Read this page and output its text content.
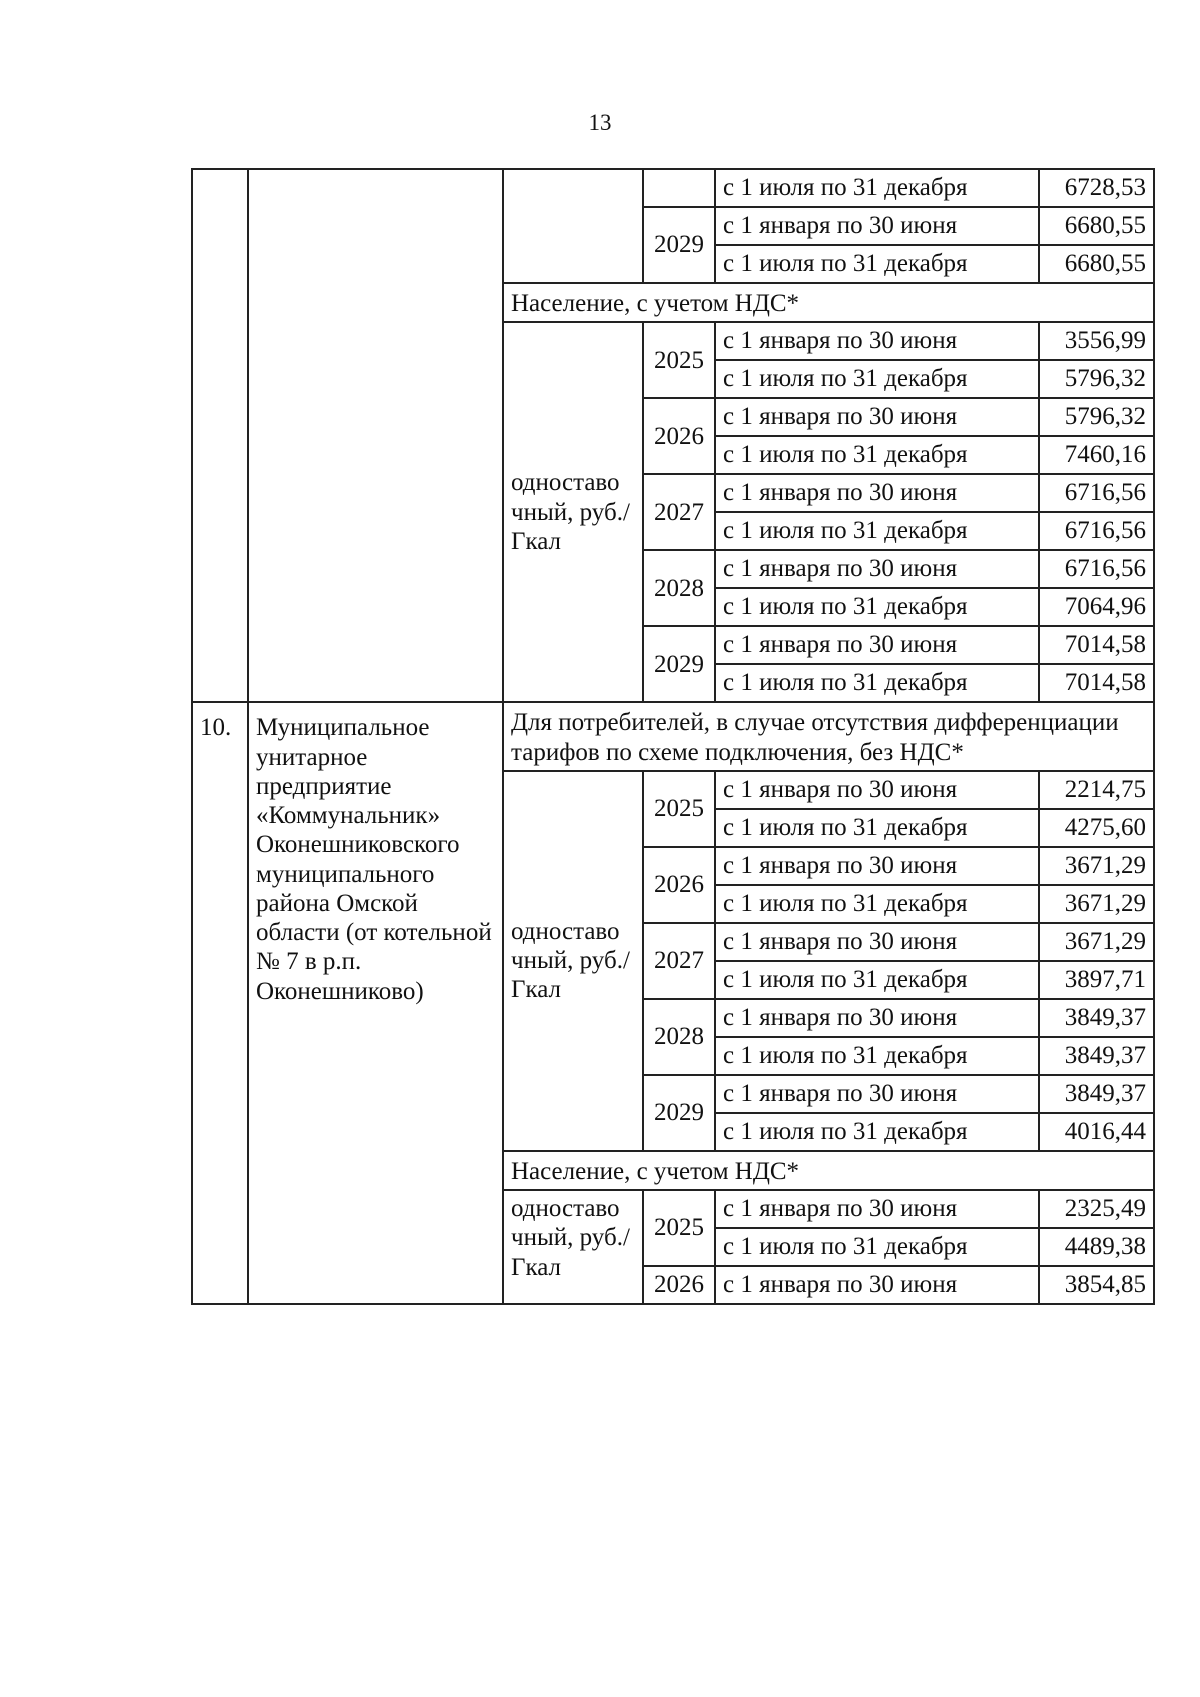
13
				с 1 июля по 31 декабря	6728,53
			2029	с 1 января по 30 июня	6680,55
				с 1 июля по 31 декабря	6680,55
		Население, с учетом НДС*			
		одноставо чный, руб./Гкал	2025	с 1 января по 30 июня	3556,99
				с 1 июля по 31 декабря	5796,32
			2026	с 1 января по 30 июня	5796,32
				с 1 июля по 31 декабря	7460,16
			2027	с 1 января по 30 июня	6716,56
				с 1 июля по 31 декабря	6716,56
			2028	с 1 января по 30 июня	6716,56
				с 1 июля по 31 декабря	7064,96
			2029	с 1 января по 30 июня	7014,58
				с 1 июля по 31 декабря	7014,58
10.	Муниципальное унитарное предприятие «Коммунальник» Оконешниковского муниципального района Омской области (от котельной № 7 в р.п. Оконешниково)	Для потребителей, в случае отсутствия дифференциации тарифов по схеме подключения, без НДС*			
		одноставо чный, руб./Гкал	2025	с 1 января по 30 июня	2214,75
				с 1 июля по 31 декабря	4275,60
			2026	с 1 января по 30 июня	3671,29
				с 1 июля по 31 декабря	3671,29
			2027	с 1 января по 30 июня	3671,29
				с 1 июля по 31 декабря	3897,71
			2028	с 1 января по 30 июня	3849,37
				с 1 июля по 31 декабря	3849,37
			2029	с 1 января по 30 июня	3849,37
				с 1 июля по 31 декабря	4016,44
		Население, с учетом НДС*			
		одноставо чный, руб./Гкал	2025	с 1 января по 30 июня	2325,49
				с 1 июля по 31 декабря	4489,38
			2026	с 1 января по 30 июня	3854,85
